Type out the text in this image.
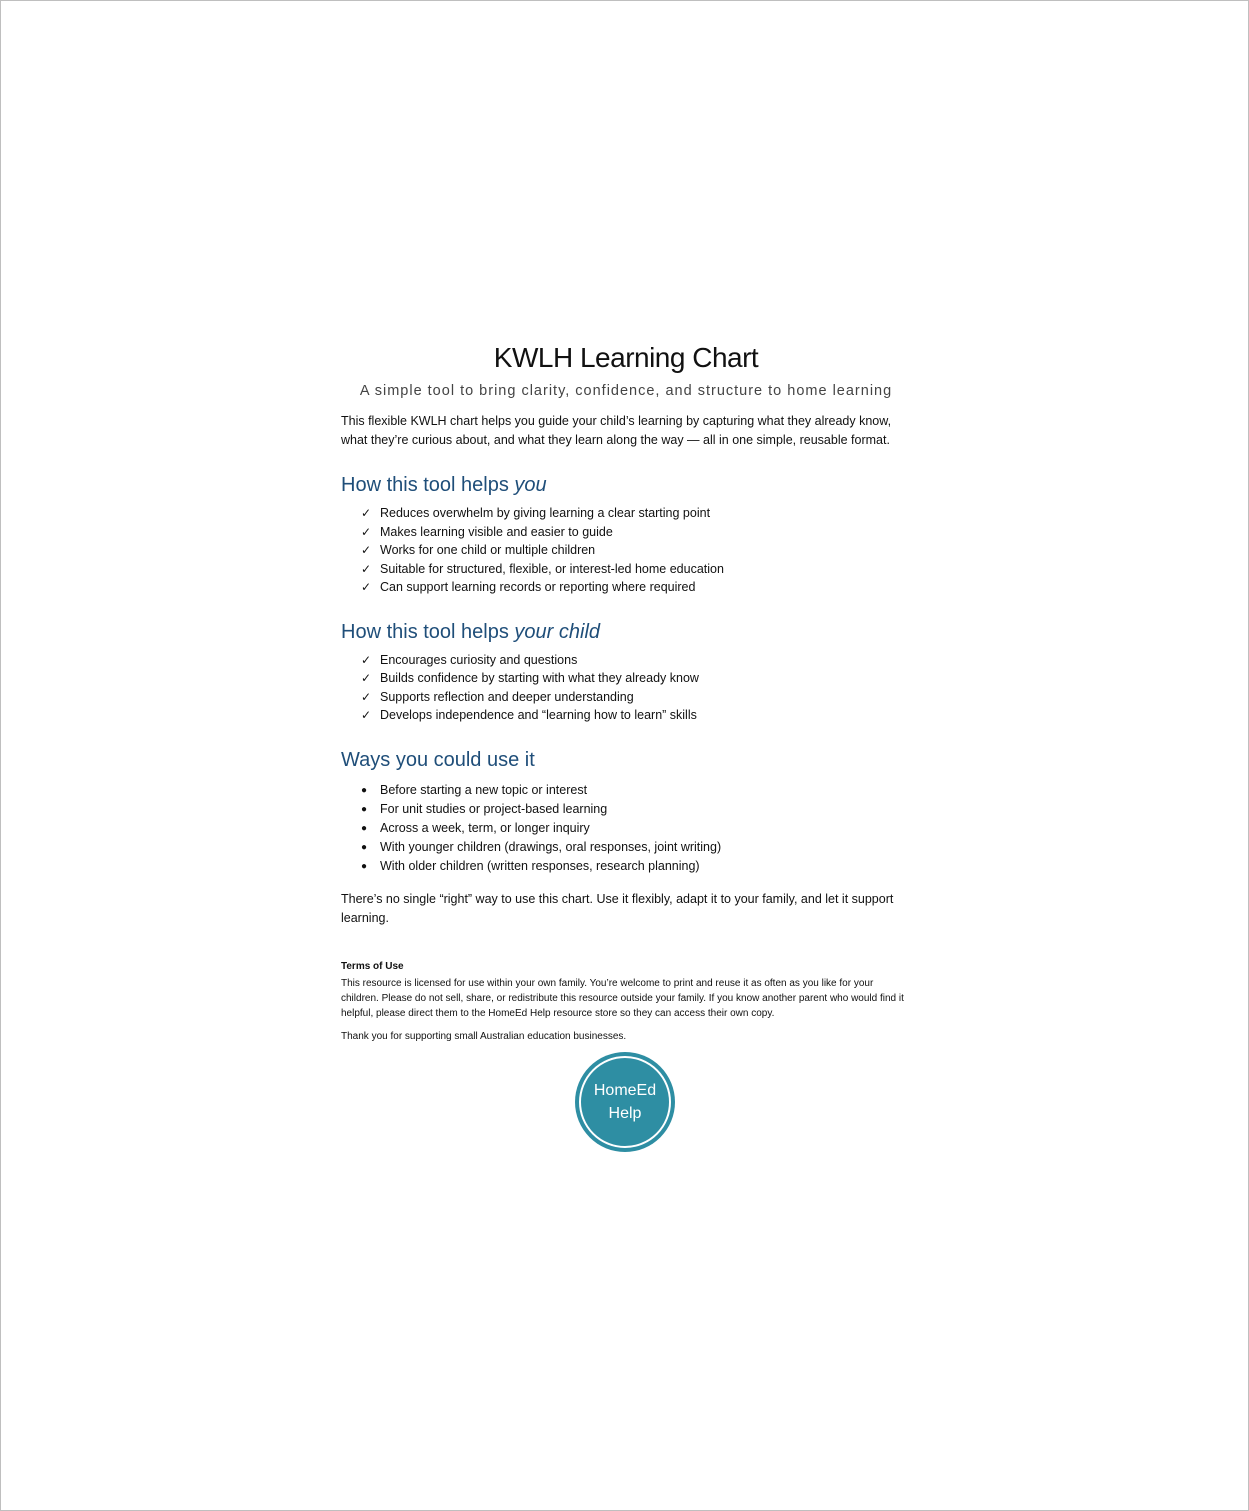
KWLH Learning Chart

A simple tool to bring clarity, confidence, and structure to home learning

This flexible KWLH chart helps you guide your child’s learning by capturing what they already know, what they’re curious about, and what they learn along the way — all in one simple, reusable format.

How this tool helps you
✓ Reduces overwhelm by giving learning a clear starting point
✓ Makes learning visible and easier to guide
✓ Works for one child or multiple children
✓ Suitable for structured, flexible, or interest-led home education
✓ Can support learning records or reporting where required
How this tool helps your child
✓ Encourages curiosity and questions
✓ Builds confidence by starting with what they already know
✓ Supports reflection and deeper understanding
✓ Develops independence and “learning how to learn” skills
Ways you could use it
●	Before starting a new topic or interest
●	For unit studies or project-based learning
●	Across a week, term, or longer inquiry
●	With younger children (drawings, oral responses, joint writing)
●	With older children (written responses, research planning)

There’s no single “right” way to use this chart. Use it flexibly, adapt it to your family, and let it support learning.

Terms of Use

This resource is licensed for use within your own family. You’re welcome to print and reuse it as often as you like for your children. Please do not sell, share, or redistribute this resource outside your family. If you know another parent who would find it helpful, please direct them to the HomeEd Help resource store so they can access their own copy.

Thank you for supporting small Australian education businesses.

HomeEd
Help
